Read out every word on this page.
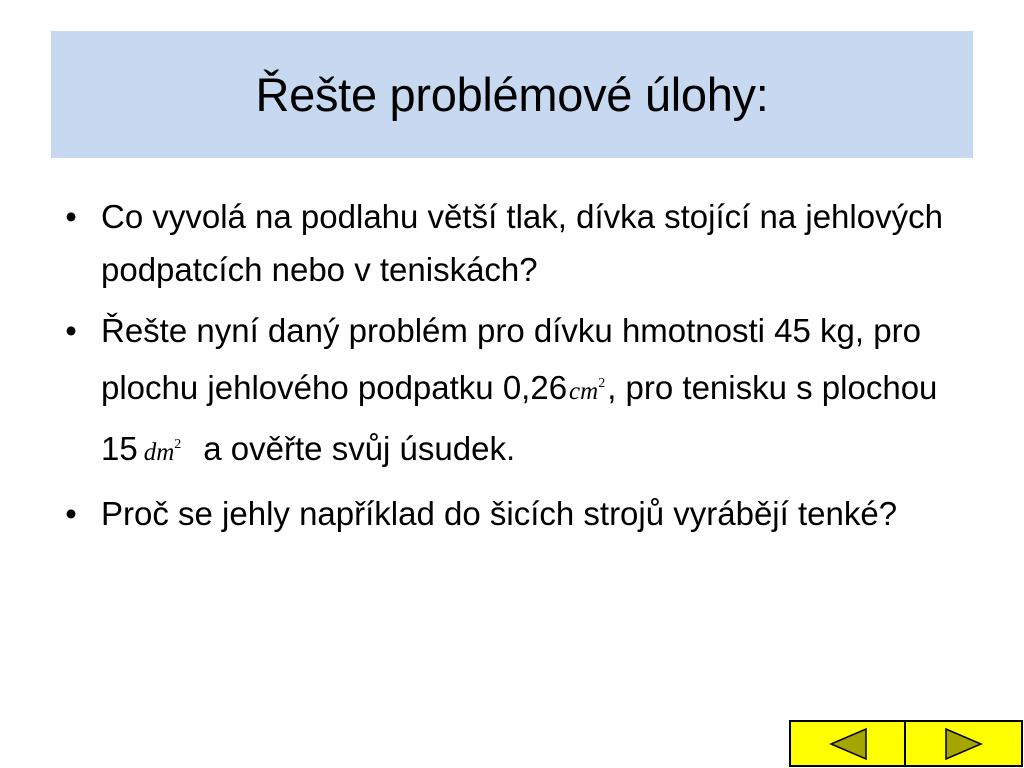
Řešte problémové úlohy:
• Co vyvolá na podlahu větší tlak, dívka stojící na jehlových podpatcích nebo v teniskách?
• Řešte nyní daný problém pro dívku hmotnosti 45 kg, pro plochu jehlového podpatku $0,26cm^2$, pro tenisku s plochou 15 $dm^2$ a ověřte svůj úsudek.
• Proč se jehly například do šicích strojů vyrábějí tenké?
